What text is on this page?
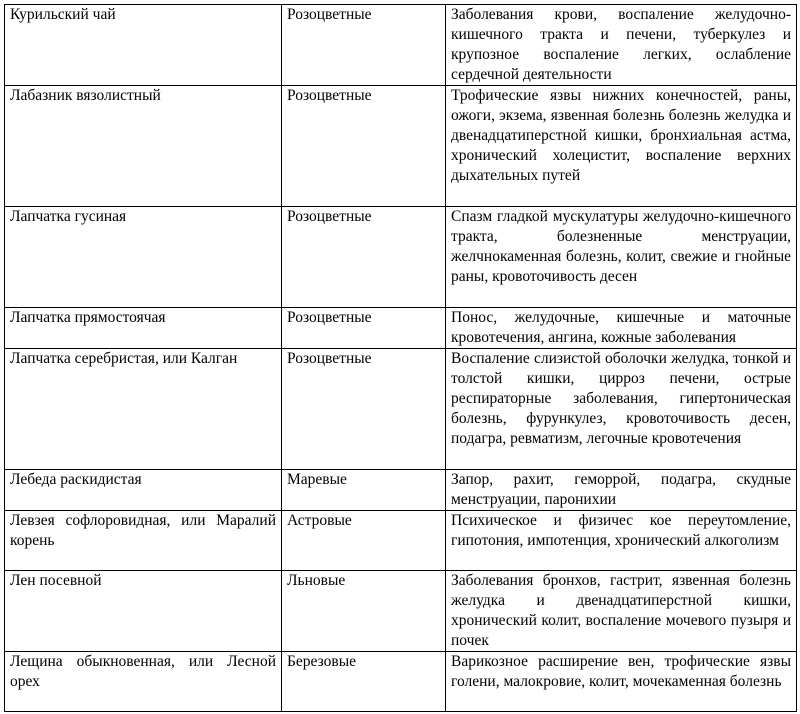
Курильский чай	Розоцветные	Заболевания крови, воспаление желудочно-кишечного тракта и печени, туберкулез и крупозное воспаление легких, ослабление сердечной деятельности
Лабазник вязолистный	Розоцветные	Трофические язвы нижних конечностей, раны, ожоги, экзема, язвенная болезнь болезнь желудка и двенадцатиперстной кишки, бронхиальная астма, хронический холецистит, воспаление верхних дыхательных путей
Лапчатка гусиная	Розоцветные	Спазм гладкой мускулатуры желудочно-кишечного тракта, болезненные менструации, желчнокаменная болезнь, колит, свежие и гнойные раны, кровоточивость десен
Лапчатка прямостоячая	Розоцветные	Понос, желудочные, кишечные и маточные кровотечения, ангина, кожные заболевания
Лапчатка серебристая, или Калган	Розоцветные	Воспаление слизистой оболочки желудка, тонкой и толстой кишки, цирроз печени, острые респираторные заболевания, гипертоническая болезнь, фурункулез, кровоточивость десен, подагра, ревматизм, легочные кровотечения
Лебеда раскидистая	Маревые	Запор, рахит, геморрой, подагра, скудные менструации, паронихии
Левзея софлоровидная, или Маралий корень	Астровые	Психическое и физичес кое переутомление, гипотония, импотенция, хронический алкоголизм
Лен посевной	Льновые	Заболевания бронхов, гастрит, язвенная болезнь желудка и двенадцатиперстной кишки, хронический колит, воспаление мочевого пузыря и почек
Лещина обыкновенная, или Лесной орех	Березовые	Варикозное расширение вен, трофические язвы голени, малокровие, колит, мочекаменная болезнь
